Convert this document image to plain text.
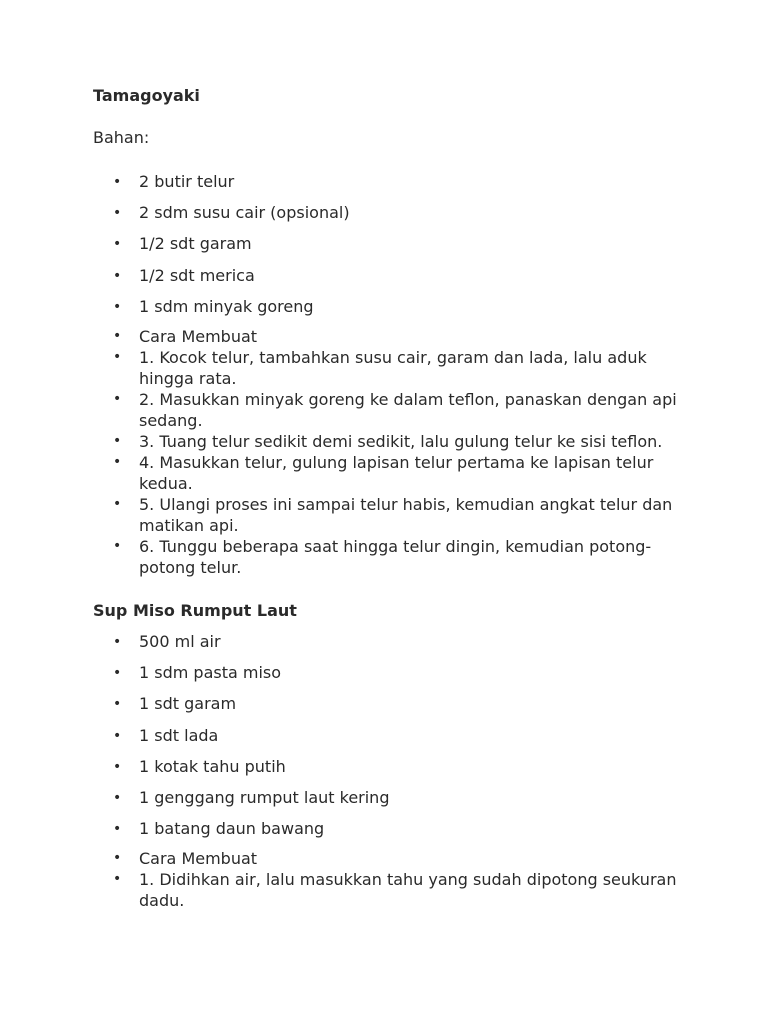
Tamagoyaki

Bahan:

• 2 butir telur
• 2 sdm susu cair (opsional)
• 1/2 sdt garam
• 1/2 sdt merica
• 1 sdm minyak goreng
• Cara Membuat
• 1. Kocok telur, tambahkan susu cair, garam dan lada, lalu aduk hingga rata.
• 2. Masukkan minyak goreng ke dalam teflon, panaskan dengan api sedang.
• 3. Tuang telur sedikit demi sedikit, lalu gulung telur ke sisi teflon.
• 4. Masukkan telur, gulung lapisan telur pertama ke lapisan telur kedua.
• 5. Ulangi proses ini sampai telur habis, kemudian angkat telur dan matikan api.
• 6. Tunggu beberapa saat hingga telur dingin, kemudian potong-potong telur.

Sup Miso Rumput Laut

• 500 ml air
• 1 sdm pasta miso
• 1 sdt garam
• 1 sdt lada
• 1 kotak tahu putih
• 1 genggang rumput laut kering
• 1 batang daun bawang
• Cara Membuat
• 1. Didihkan air, lalu masukkan tahu yang sudah dipotong seukuran dadu.
